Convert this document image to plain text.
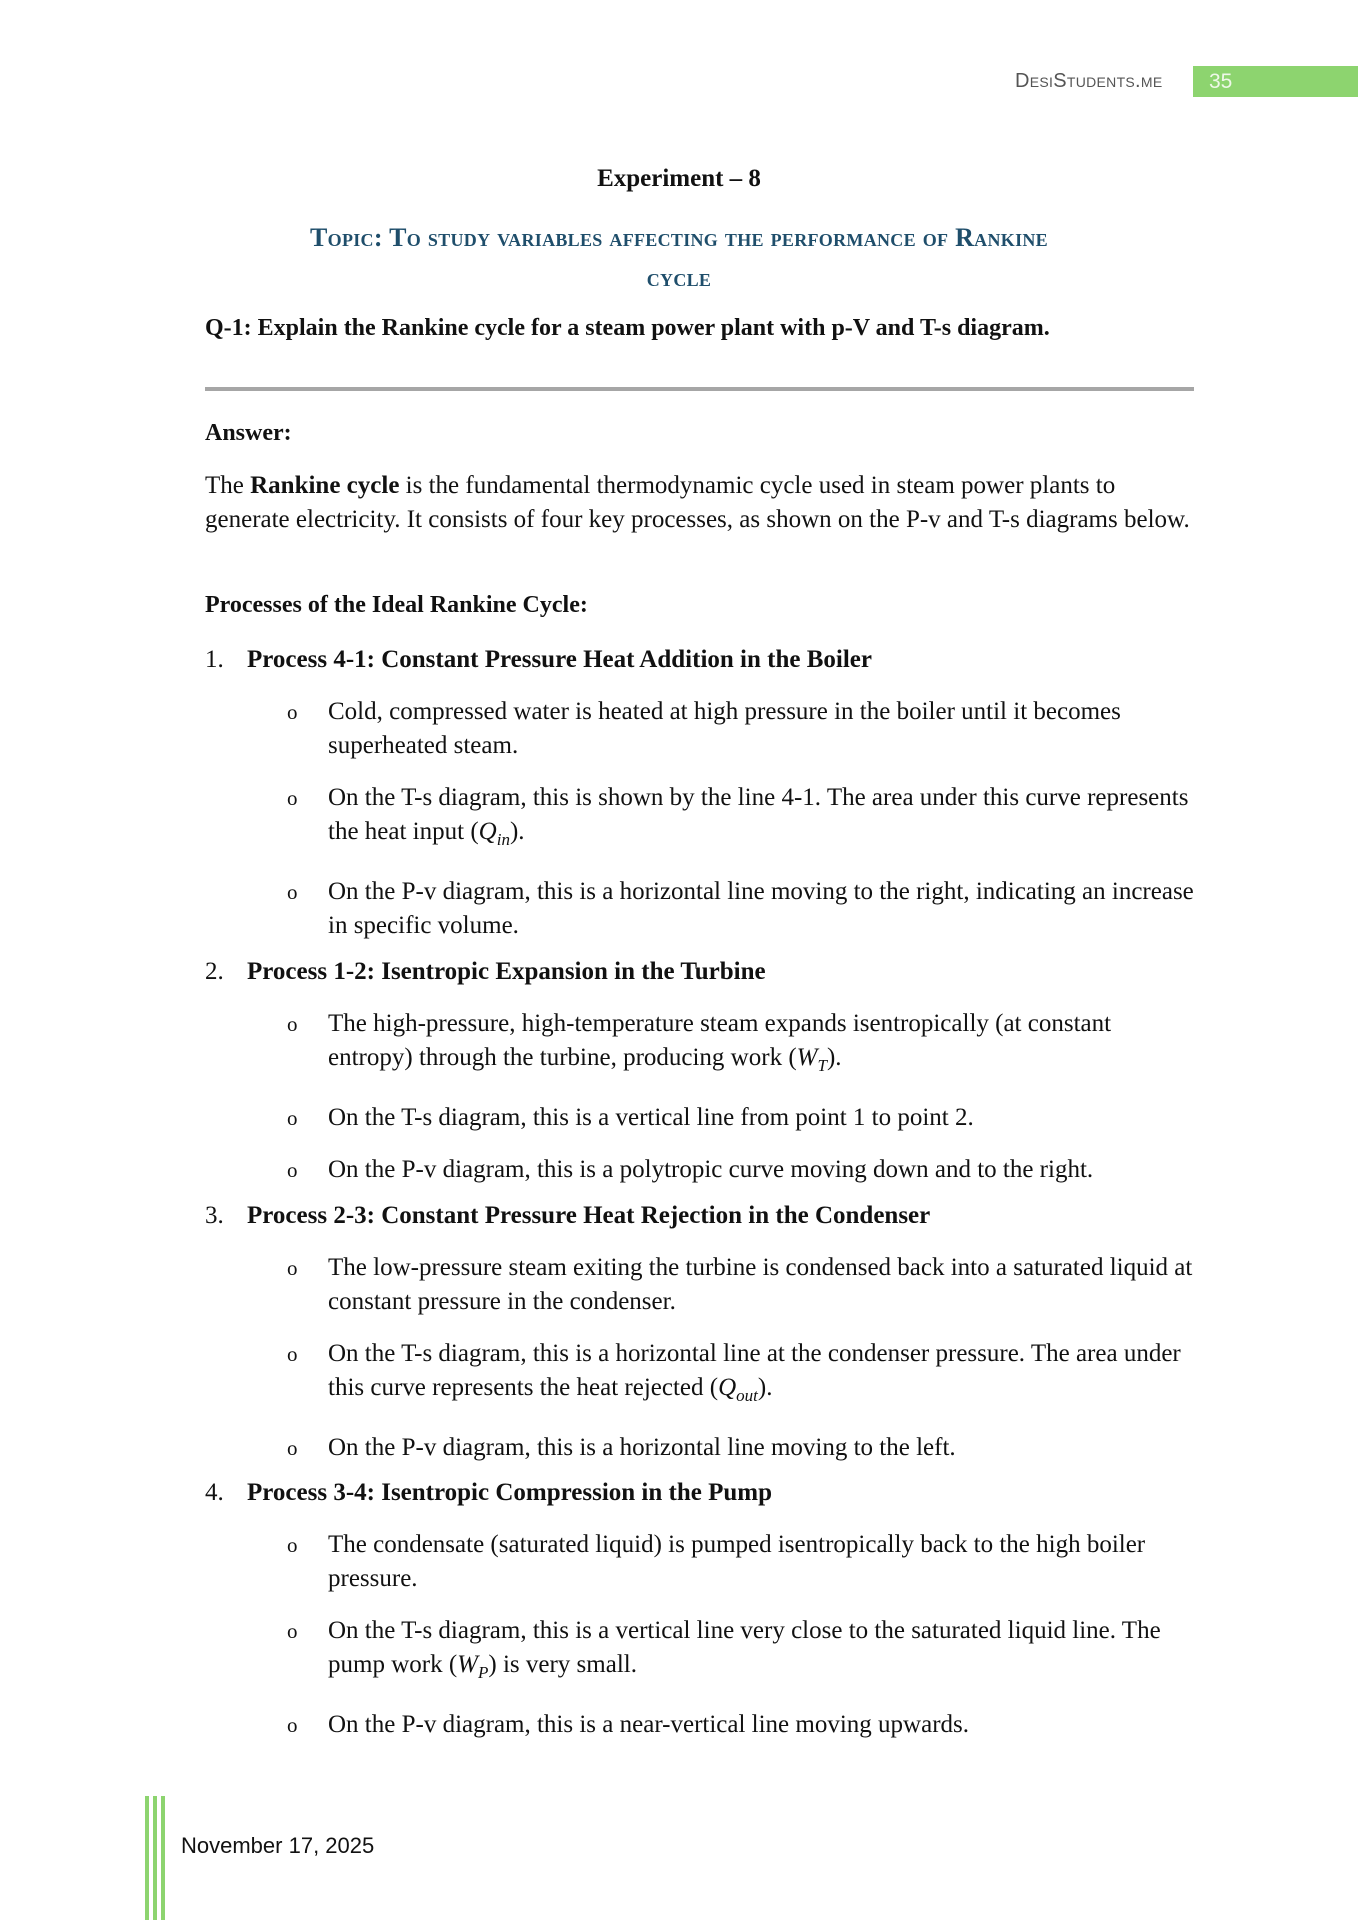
DesiStudents.me	35
Experiment – 8
Topic: To study variables affecting the performance of Rankine
cycle
Q-1: Explain the Rankine cycle for a steam power plant with p-V and T-s diagram.
Answer:
The Rankine cycle is the fundamental thermodynamic cycle used in steam power plants to generate electricity. It consists of four key processes, as shown on the P-v and T-s diagrams below.
Processes of the Ideal Rankine Cycle:
1. Process 4-1: Constant Pressure Heat Addition in the Boiler
o Cold, compressed water is heated at high pressure in the boiler until it becomes superheated steam.
o On the T-s diagram, this is shown by the line 4-1. The area under this curve represents the heat input $(Q_{in})$.
o On the P-v diagram, this is a horizontal line moving to the right, indicating an increase in specific volume.
2. Process 1-2: Isentropic Expansion in the Turbine
o The high-pressure, high-temperature steam expands isentropically (at constant entropy) through the turbine, producing work $(W_T)$.
o On the T-s diagram, this is a vertical line from point 1 to point 2.
o On the P-v diagram, this is a polytropic curve moving down and to the right.
3. Process 2-3: Constant Pressure Heat Rejection in the Condenser
o The low-pressure steam exiting the turbine is condensed back into a saturated liquid at constant pressure in the condenser.
o On the T-s diagram, this is a horizontal line at the condenser pressure. The area under this curve represents the heat rejected $(Q_{out})$.
o On the P-v diagram, this is a horizontal line moving to the left.
4. Process 3-4: Isentropic Compression in the Pump
o The condensate (saturated liquid) is pumped isentropically back to the high boiler pressure.
o On the T-s diagram, this is a vertical line very close to the saturated liquid line. The pump work $(W_P)$ is very small.
o On the P-v diagram, this is a near-vertical line moving upwards.
November 17, 2025
